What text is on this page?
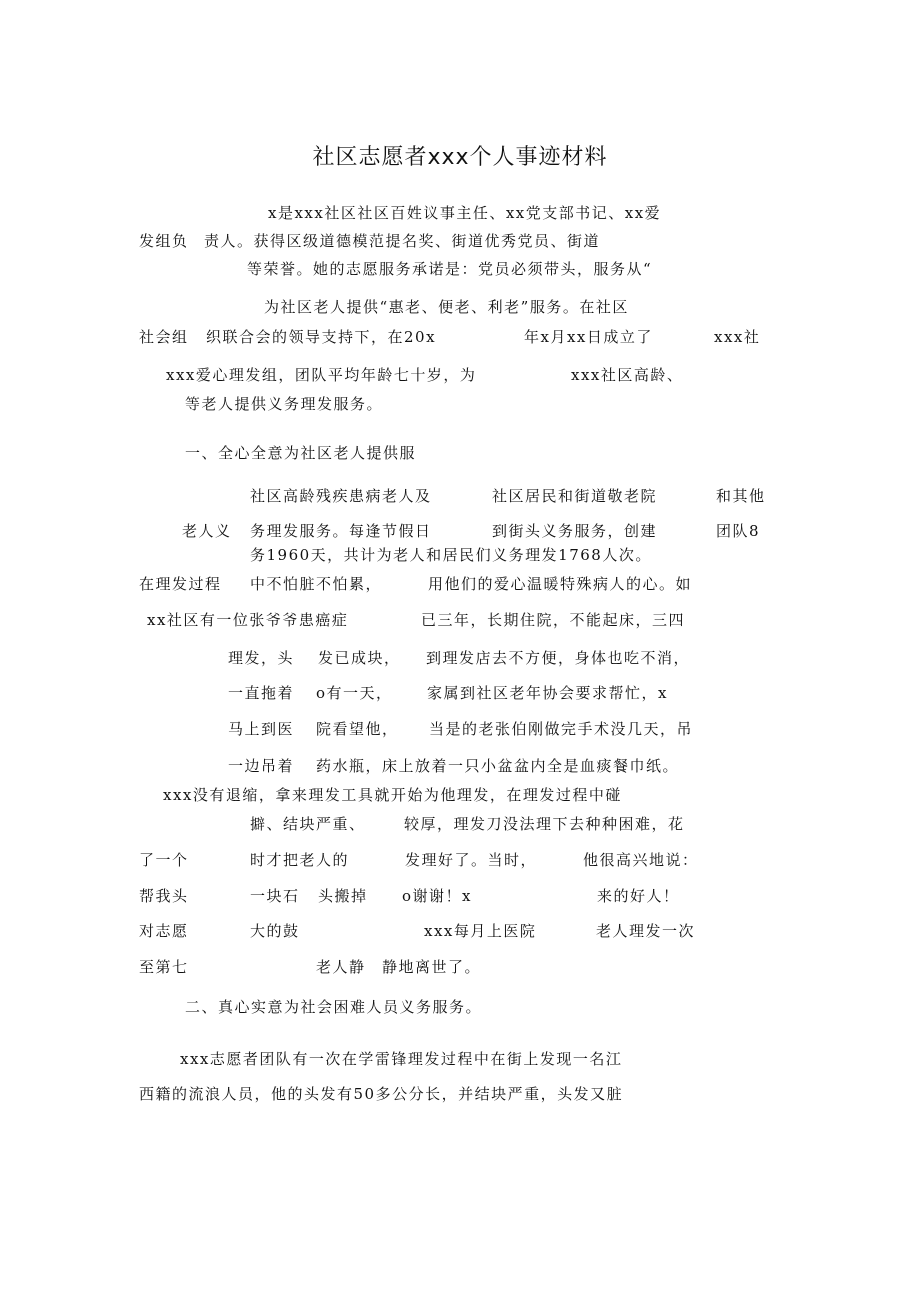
社区志愿者xxx个人事迹材料
x是xxx社区社区百姓议事主任、xx党支部书记、xx爱
发组负 责人。获得区级道德模范提名奖、街道优秀党员、街道
等荣誉。她的志愿服务承诺是：党员必须带头，服务从“
为社区老人提供“惠老、便老、利老”服务。在社区
社会组 织联合会的领导支持下，在20x	年x月xx日成立了	xxx社
xxx爱心理发组，团队平均年龄七十岁，为	xxx社区高龄、
等老人提供义务理发服务。
一、全心全意为社区老人提供服
社区高龄残疾患病老人及	社区居民和街道敬老院	和其他
老人义 务理发服务。每逢节假日	到街头义务服务，创建	团队8
务1960天，共计为老人和居民们义务理发1768人次。
在理发过程 中不怕脏不怕累，	用他们的爱心温暖特殊病人的心。如
xx社区有一位张爷爷患癌症	已三年，长期住院，不能起床，三四
理发，头 发已成块， 到理发店去不方便，身体也吃不消，
一直拖着 o有一天， 家属到社区老年协会要求帮忙，x
马上到医 院看望他， 当是的老张伯刚做完手术没几天，吊
一边吊着 药水瓶，床上放着一只小盆盆内全是血痰餐巾纸。
xxx没有退缩，拿来理发工具就开始为他理发，在理发过程中碰
擗、结块严重、	较厚，理发刀没法理下去种种困难，花
了一个	时才把老人的	发理好了。当时，	他很高兴地说：
帮我头	一块石 头搬掉 o谢谢！x	来的好人！
对志愿	大的鼓	xxx每月上医院	老人理发一次
至第七	老人静 静地离世了。
二、真心实意为社会困难人员义务服务。
xxx志愿者团队有一次在学雷锋理发过程中在街上发现一名江
西籍的流浪人员，他的头发有50多公分长，并结块严重，头发又脏
